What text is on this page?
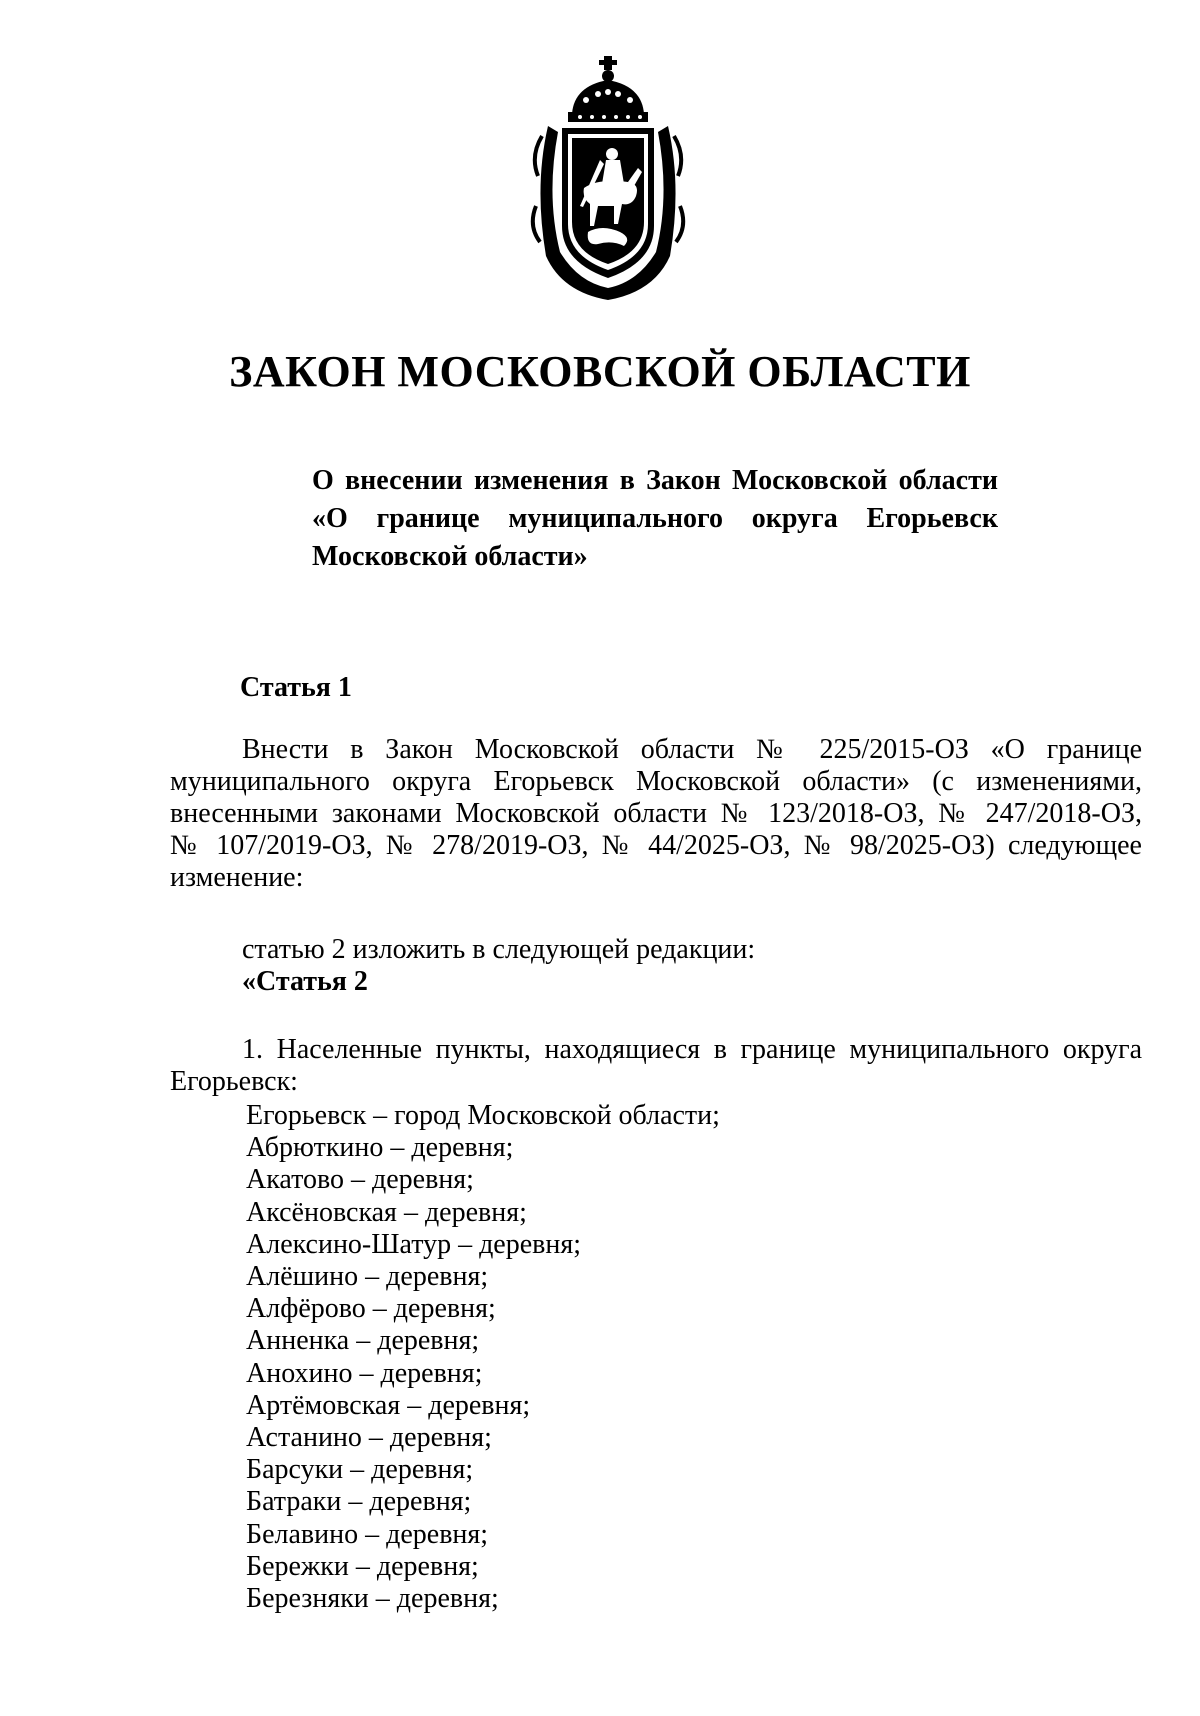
ЗАКОН МОСКОВСКОЙ ОБЛАСТИ
О внесении изменения в Закон Московской области
«О границе муниципального округа Егорьевск
Московской области»
Статья 1
Внести в Закон Московской области № 225/2015-ОЗ «О границе
муниципального округа Егорьевск Московской области» (с изменениями,
внесенными законами Московской области № 123/2018-ОЗ, № 247/2018-ОЗ,
№ 107/2019-ОЗ, № 278/2019-ОЗ, № 44/2025-ОЗ, № 98/2025-ОЗ) следующее
изменение:
статью 2 изложить в следующей редакции:
«Статья 2
1. Населенные пункты, находящиеся в границе муниципального округа
Егорьевск:
Егорьевск – город Московской области;
Абрюткино – деревня;
Акатово – деревня;
Аксёновская – деревня;
Алексино-Шатур – деревня;
Алёшино – деревня;
Алфёрово – деревня;
Анненка – деревня;
Анохино – деревня;
Артёмовская – деревня;
Астанино – деревня;
Барсуки – деревня;
Батраки – деревня;
Белавино – деревня;
Бережки – деревня;
Березняки – деревня;
